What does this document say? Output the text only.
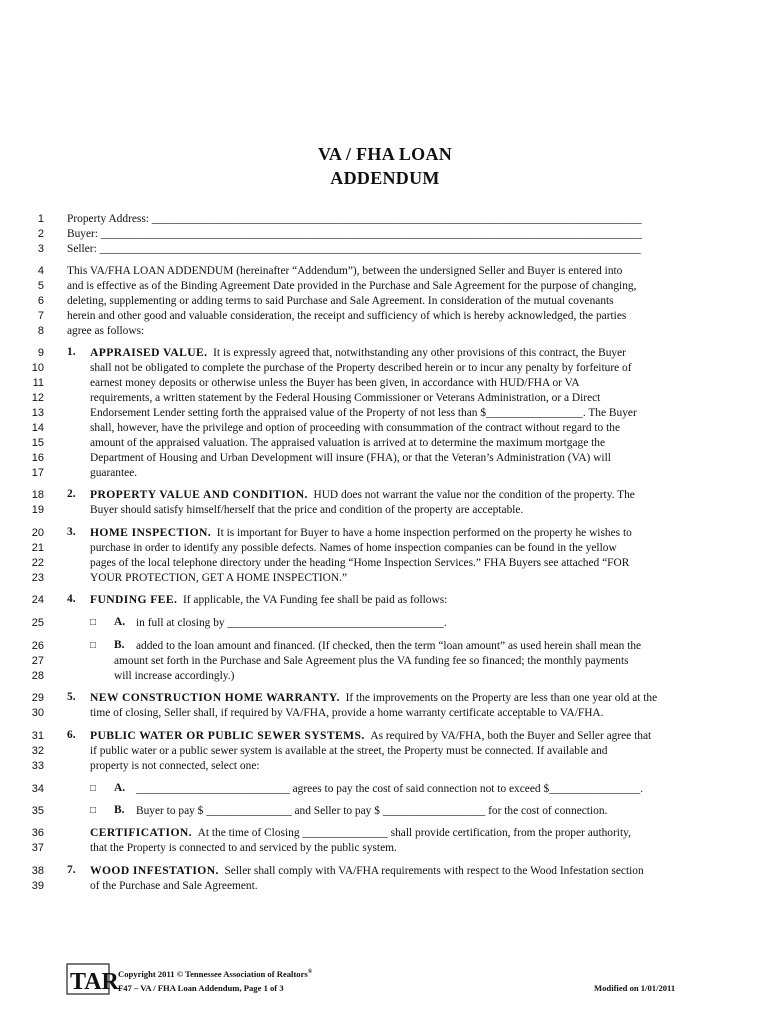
VA / FHA LOAN
ADDENDUM
1
2
3
4
5
6
7
8
9
10
11
12
13
14
15
16
17
18
19
20
21
22
23
24
25
26
27
28
29
30
31
32
33
34
35
36
37
38
39
Property Address: ______________________________________________________________________________________
Buyer: _______________________________________________________________________________________________
Seller: _______________________________________________________________________________________________
This VA/FHA LOAN ADDENDUM (hereinafter “Addendum”), between the undersigned Seller and Buyer is entered into
and is effective as of the Binding Agreement Date provided in the Purchase and Sale Agreement for the purpose of changing,
deleting, supplementing or adding terms to said Purchase and Sale Agreement. In consideration of the mutual covenants
herein and other good and valuable consideration, the receipt and sufficiency of which is hereby acknowledged, the parties
agree as follows:
1. APPRAISED VALUE. It is expressly agreed that, notwithstanding any other provisions of this contract, the Buyer
shall not be obligated to complete the purchase of the Property described herein or to incur any penalty by forfeiture of
earnest money deposits or otherwise unless the Buyer has been given, in accordance with HUD/FHA or VA
requirements, a written statement by the Federal Housing Commissioner or Veterans Administration, or a Direct
Endorsement Lender setting forth the appraised value of the Property of not less than $_________________. The Buyer
shall, however, have the privilege and option of proceeding with consummation of the contract without regard to the
amount of the appraised valuation. The appraised valuation is arrived at to determine the maximum mortgage the
Department of Housing and Urban Development will insure (FHA), or that the Veteran’s Administration (VA) will
guarantee.
2. PROPERTY VALUE AND CONDITION. HUD does not warrant the value nor the condition of the property. The
Buyer should satisfy himself/herself that the price and condition of the property are acceptable.
3. HOME INSPECTION. It is important for Buyer to have a home inspection performed on the property he wishes to
purchase in order to identify any possible defects. Names of home inspection companies can be found in the yellow
pages of the local telephone directory under the heading “Home Inspection Services.” FHA Buyers see attached “FOR
YOUR PROTECTION, GET A HOME INSPECTION.”
4. FUNDING FEE. If applicable, the VA Funding fee shall be paid as follows:
□ A. in full at closing by ______________________________________.
□ B. added to the loan amount and financed. (If checked, then the term “loan amount” as used herein shall mean the
amount set forth in the Purchase and Sale Agreement plus the VA funding fee so financed; the monthly payments
will increase accordingly.)
5. NEW CONSTRUCTION HOME WARRANTY. If the improvements on the Property are less than one year old at the
time of closing, Seller shall, if required by VA/FHA, provide a home warranty certificate acceptable to VA/FHA.
6. PUBLIC WATER OR PUBLIC SEWER SYSTEMS. As required by VA/FHA, both the Buyer and Seller agree that
if public water or a public sewer system is available at the street, the Property must be connected. If available and
property is not connected, select one:
□ A. ___________________________ agrees to pay the cost of said connection not to exceed $________________.
□ B. Buyer to pay $ _______________ and Seller to pay $ __________________ for the cost of connection.
CERTIFICATION. At the time of Closing _______________ shall provide certification, from the proper authority,
that the Property is connected to and serviced by the public system.
7. WOOD INFESTATION. Seller shall comply with VA/FHA requirements with respect to the Wood Infestation section
of the Purchase and Sale Agreement.
TAR Copyright 2011 © Tennessee Association of Realtors®
F47 – VA / FHA Loan Addendum, Page 1 of 3	Modified on 1/01/2011
